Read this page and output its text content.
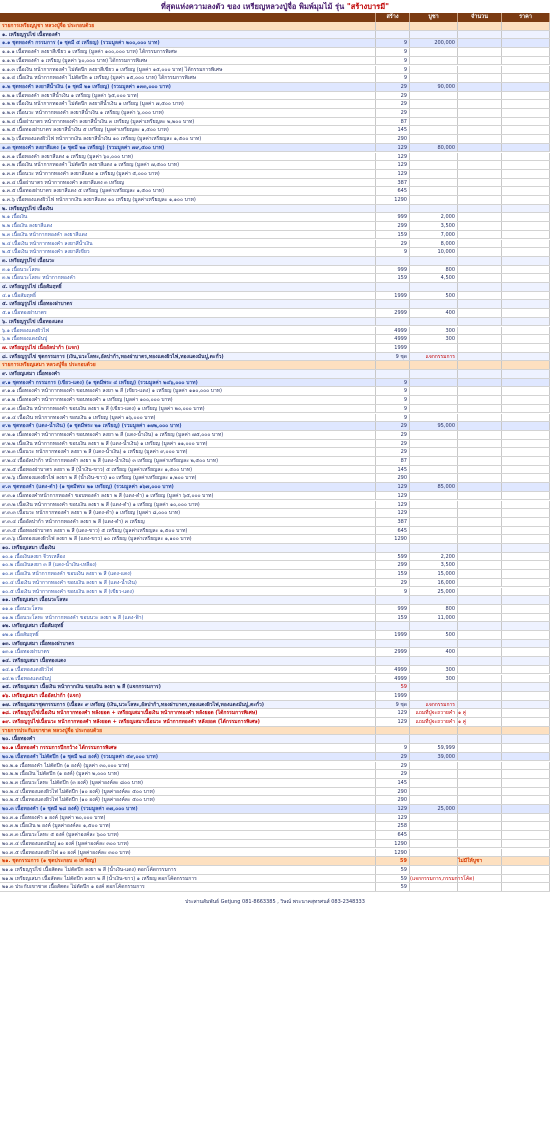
ที่สุดแห่งความลงตัว ของ เหรียญหลวงปู่จื่อ พิมพ์มุมไม้ รุ่น "สร้างบารมี"
สร้าง	บูชา	จำนวน	ราคา
รายการเหรียญบูชา หลวงปู่จื่อ ประกอบด้วย
๑. เหรียญรูปไข่ เนื้อทองคำ
๑.๑ ชุดทองคำ กรรมการ (๑ ชุดมี ๕ เหรียญ) (รวมมูลค่า ๒๐๐,๐๐๐ บาท)	9	200,000
๑.๑.๑ เนื้อทองคำ ลงยาสีเขียว ๑ เหรียญ (มูลค่า ๑๐๐,๐๐๐ บาท) ได้กรรมการพิเศษ	9
๑.๑.๒ เนื้อทองคำ ๑ เหรียญ (มูลค่า ๖๐,๐๐๐ บาท) ได้กรรมการพิเศษ	9
๑.๑.๓ เนื้อเงิน หน้ากากทองคำ ไม่ตัดปีก ลงยาสีเขียว ๑ เหรียญ (มูลค่า ๑๕,๐๐๐ บาท) ได้กรรมการพิเศษ	9
๑.๑.๔ เนื้อเงิน หน้ากากทองคำ ไม่ตัดปีก ๑ เหรียญ (มูลค่า ๑๕,๐๐๐ บาท) ได้กรรมการพิเศษ	9
๑.๒ ชุดทองคำ ลงยาสีน้ำเงิน (๑ ชุดมี ๒๑ เหรียญ) (รวมมูลค่า ๑๓๓,๐๐๐ บาท)	29	90,000
๑.๒.๑ เนื้อทองคำ ลงยาสีน้ำเงิน ๑ เหรียญ (มูลค่า ๖๕,๐๐๐ บาท)	29
๑.๒.๒ เนื้อเงิน หน้ากากทองคำ ไม่ตัดปีก ลงยาสีน้ำเงิน ๑ เหรียญ (มูลค่า ๗,๕๐๐ บาท)	29
๑.๒.๓ เนื้อนวะ หน้ากากทองคำ ลงยาสีน้ำเงิน ๑ เหรียญ (มูลค่า ๖,๐๐๐ บาท)	29
๑.๒.๔ เนื้อฝาบาตร หน้ากากทองคำ ลงยาสีน้ำเงิน ๓ เหรียญ (มูลค่าเหรียญละ ๒,๒๐๐ บาท)	87
๑.๒.๕ เนื้อทองฝาบาตร ลงยาสีน้ำเงิน ๕ เหรียญ (มูลค่าเหรียญละ ๑,๕๐๐ บาท)	145
๑.๒.๖ เนื้อทองแดงผิวไฟ หน้ากากเงิน ลงยาสีน้ำเงิน ๑๐ เหรียญ (มูลค่าเหรียญละ ๑,๕๐๐ บาท)	290
๑.๓ ชุดทองคำ ลงยาสีแดง (๑ ชุดมี ๒๑ เหรียญ) (รวมมูลค่า ๗๙,๕๐๐ บาท)	129	80,000
๑.๓.๑ เนื้อทองคำ ลงยาสีแดง ๑ เหรียญ (มูลค่า ๖๐,๐๐๐ บาท)	129
๑.๓.๒ เนื้อเงิน หน้ากากทองคำ ไม่ตัดปีก ลงยาสีแดง ๑ เหรียญ (มูลค่า ๗,๕๐๐ บาท)	129
๑.๓.๓ เนื้อนวะ หน้ากากทองคำ ลงยาสีแดง ๑ เหรียญ (มูลค่า ๕,๐๐๐ บาท)	129
๑.๓.๔ เนื้อฝาบาตร หน้ากากทองคำ ลงยาสีแดง ๓ เหรียญ	387
๑.๓.๕ เนื้อทองฝาบาตร ลงยาสีแดง ๕ เหรียญ (มูลค่าเหรียญละ ๑,๕๐๐ บาท)	645
๑.๓.๖ เนื้อทองแดงผิวไฟ หน้ากากเงิน ลงยาสีแดง ๑๐ เหรียญ (มูลค่าเหรียญละ ๑,๑๐๐ บาท)	1290
๒. เหรียญรูปไข่ เนื้อเงิน
๒.๑ เนื้อเงิน	999	2,000
๒.๒ เนื้อเงิน ลงยาสีแดง	299	3,500
๒.๓ เนื้อเงิน หน้ากากทองคำ ลงยาสีแดง	159	7,000
๒.๔ เนื้อเงิน หน้ากากทองคำ ลงยาสีน้ำเงิน	29	8,000
๒.๕ เนื้อเงิน หน้ากากทองคำ ลงยาสีเขียว	9	10,000
๓. เหรียญรูปไข่ เนื้อนวะ
๓.๑ เนื้อนวะโลหะ	999	800
๓.๒ เนื้อนวะโลหะ หน้ากากทองคำ	159	4,500
๔. เหรียญรูปไข่ เนื้อสัมฤทธิ์
๔.๑ เนื้อสัมฤทธิ์	1999	500
๕. เหรียญรูปไข่ เนื้อทองฝาบาตร
๕.๑ เนื้อทองฝาบาตร	2999	400
๖. เหรียญรูปไข่ เนื้อทองแดง
๖.๑ เนื้อทองแดงผิวไฟ	4999	300
๖.๒ เนื้อทองแดงมันปู	4999	300
๗. เหรียญรูปไข่ เนื้ออัลปาก้า (แจก)	1999
๘. เหรียญรูปไข่ ชุดกรรมการ (เงิน,นวะโลหะ,อัลปาก้า,ทองฝาบาตร,ทองแดงผิวไฟ,ทองแดงมันปู,ตะกั่ว)	9 ชุด	แจกกรรมการ
รายการเหรียญเสมา หลวงปู่จื่อ ประกอบด้วย
๙. เหรียญเสมา เนื้อทองคำ
๙.๑ ชุดทองคำ กรรมการ (เขียว-แดง) (๑ ชุดมีพระ ๔ เหรียญ) (รวมมูลค่า ๒๔๖,๐๐๐ บาท)	9
๙.๑.๑ เนื้อทองคำ หน้ากากทองคำ ขอบทองคำ ลงยา ๒ สี (เขียว-แดง) ๑ เหรียญ (มูลค่า ๑๑๐,๐๐๐ บาท)	9
๙.๑.๒ เนื้อทองคำ หน้ากากทองคำ ขอบทองคำ ๑ เหรียญ (มูลค่า ๑๐๐,๐๐๐ บาท)	9
๙.๑.๓ เนื้อเงิน หน้ากากทองคำ ขอบเงิน ลงยา ๒ สี (เขียว-แดง) ๑ เหรียญ (มูลค่า ๒๐,๐๐๐ บาท)	9
๙.๑.๔ เนื้อเงิน หน้ากากทองคำ ขอบเงิน ๑ เหรียญ (มูลค่า ๑๖,๐๐๐ บาท)	9
๙.๒ ชุดทองคำ (แดง-น้ำเงิน) (๑ ชุดมีพระ ๒๑ เหรียญ) (รวมมูลค่า ๑๗๒,๐๐๐ บาท)	29	95,000
๙.๒.๑ เนื้อทองคำ หน้ากากทองคำ ขอบทองคำ ลงยา ๒ สี (แดง-น้ำเงิน) ๑ เหรียญ (มูลค่า ๗๕,๐๐๐ บาท)	29
๙.๒.๒ เนื้อเงิน หน้ากากทองคำ ขอบเงิน ลงยา ๒ สี (แดง-น้ำเงิน) ๑ เหรียญ (มูลค่า ๑๑,๐๐๐ บาท)	29
๙.๒.๓ เนื้อนวะ หน้ากากทองคำ ลงยา ๒ สี (แดง-น้ำเงิน) ๑ เหรียญ (มูลค่า ๙,๐๐๐ บาท)	29
๙.๒.๔ เนื้ออัลปาก้า หน้ากากทองคำ ลงยา ๒ สี (แดง-น้ำเงิน) ๓ เหรียญ (มูลค่าเหรียญละ ๒,๕๐๐ บาท)	87
๙.๒.๕ เนื้อทองฝาบาตร ลงยา ๒ สี (น้ำเงิน-ขาว) ๕ เหรียญ (มูลค่าเหรียญละ ๑,๕๐๐ บาท)	145
๙.๒.๖ เนื้อทองแดงผิวไฟ ลงยา ๒ สี (น้ำเงิน-ขาว) ๑๐ เหรียญ (มูลค่าเหรียญละ ๑,๒๐๐ บาท)	290
๙.๓ ชุดทองคำ (แดง-ดำ) (๑ ชุดมีพระ ๒๑ เหรียญ) (รวมมูลค่า ๑๖๗,๐๐๐ บาท)	129	85,000
๙.๓.๑ เนื้อทองคำหน้ากากทองคำ ขอบทองคำ ลงยา ๒ สี (แดง-ดำ) ๑ เหรียญ (มูลค่า ๖๕,๐๐๐ บาท)	129
๙.๓.๒ เนื้อเงิน หน้ากากทองคำ ขอบเงิน ลงยา ๒ สี (แดง-ดำ) ๑ เหรียญ (มูลค่า ๑๐,๐๐๐ บาท)	129
๙.๓.๓ เนื้อนวะ หน้ากากทองคำ ลงยา ๒ สี (แดง-ดำ) ๑ เหรียญ (มูลค่า ๘,๐๐๐ บาท)	129
๙.๓.๔ เนื้ออัลปาก้า หน้ากากทองคำ ลงยา ๒ สี (แดง-ดำ) ๓ เหรียญ	387
๙.๓.๕ เนื้อทองฝาบาตร ลงยา ๒ สี (แดง-ขาว) ๕ เหรียญ (มูลค่าเหรียญละ ๑,๕๐๐ บาท)	645
๙.๓.๖ เนื้อทองแดงผิวไฟ ลงยา ๒ สี (แดง-ขาว) ๑๐ เหรียญ (มูลค่าเหรียญละ ๑,๑๐๐ บาท)	1290
๑๐. เหรียญเสมา เนื้อเงิน
๑๐.๑ เนื้อเงินลงยา จีวรเหลือง	599	2,200
๑๐.๒ เนื้อเงินลงยา ๓ สี (แดง-น้ำเงิน-เหลือง)	299	3,500
๑๐.๓ เนื้อเงิน หน้ากากทองคำ ขอบเงิน ลงยา ๒ สี (แดง-แดง)	159	15,000
๑๐.๔ เนื้อเงิน หน้ากากทองคำ ขอบเงิน ลงยา ๒ สี (แดง-น้ำเงิน)	29	16,000
๑๐.๕ เนื้อเงิน หน้ากากทองคำ ขอบเงิน ลงยา ๒ สี (เขียว-แดง)	9	25,000
๑๑. เหรียญเสมา เนื้อนวะโลหะ
๑๑.๑ เนื้อนวะโลหะ	999	800
๑๑.๒ เนื้อนวะโลหะ หน้ากากทองคำ ขอบนวะ ลงยา ๒ สี (แดง-ฟ้า)	159	11,000
๑๒. เหรียญเสมา เนื้อสัมฤทธิ์
๑๒.๑ เนื้อสัมฤทธิ์	1999	500
๑๓. เหรียญเสมา เนื้อทองฝาบาตร
๑๓.๑ เนื้อทองฝาบาตร	2999	400
๑๔. เหรียญเสมา เนื้อทองแดง
๑๔.๑ เนื้อทองแดงผิวไฟ	4999	300
๑๔.๒ เนื้อทองแดงมันปู	4999	300
๑๕. เหรียญเสมา เนื้อเงิน หน้ากากเงิน ขอบเงิน ลงยา ๒ สี (แจกกรรมการ)	59
๑๖. เหรียญเสมา เนื้ออัลปาก้า (แจก)	1999
๑๗. เหรียญเสมาชุดกรรมการ (เนื้อละ ๙ เหรียญ (เงิน,นวะโลหะ,อัลปาก้า,ทองฝาบาตร,ทองแดงผิวไฟ,ทองแดงมันปู,ตะกั่ว)	9 ชุด	แจกกรรมการ
๑๘. เหรียญรูปไข่เนื้อเงิน หน้ากากทองคำ หลังยอด + เหรียญเสมาเนื้อเงิน หน้ากากทองคำ หลังยอด (ได้กรรมการพิเศษ)	129	แถมที่ปู่จะถวายคำ ๑ คู่
๑๙. เหรียญรูปไข่เนื้อนวะ หน้ากากทองคำ หลังยอด + เหรียญเสมาเนื้อนวะ หน้ากากทองคำ หลังยอด (ได้กรรมการพิเศษ)	129	แถมที่ปู่จะถวายคำ ๑ คู่
รายการประกับเขาชาด หลวงปู่จื่อ ประกอบด้วย
๒๐. เนื้อทองคำ
๒๐.๑ เนื้อทองคำ กรรมการปีกกว้าง ได้กรรมการพิเศษ	9	59,999
๒๐.๒ เนื้อทองคำ ไม่ตัดปีก (๑ ชุดมี ๒๘ องค์) (รวมมูลค่า ๕๙,๐๐๐ บาท)	29	39,000
๒๐.๒.๑ เนื้อทองคำ ไม่ตัดปีก (๑ องค์) (มูลค่า ๓๐,๐๐๐ บาท)	29
๒๐.๒.๒ เนื้อเงิน ไม่ตัดปีก (๑ องค์) (มูลค่า ๒,๐๐๐ บาท)	29
๒๐.๒.๓ เนื้อนวะโลหะ ไม่ตัดปีก (๓ องค์) (มูลค่าองค์ละ ๘๐๐ บาท)	145
๒๐.๒.๔ เนื้อทองแดงผิวไฟ ไม่ตัดปีก (๑๐ องค์) (มูลค่าองค์ละ ๕๐๐ บาท)	290
๒๐.๒.๕ เนื้อทองแดงผิวไฟ ไม่ตัดปีก (๑๐ องค์) (มูลค่าองค์ละ ๕๐๐ บาท)	290
๒๐.๓ เนื้อทองคำ (๑ ชุดมี ๒๘ องค์) (รวมมูลค่า ๓๗,๐๐๐ บาท)	129	25,000
๒๐.๓.๑ เนื้อทองคำ ๑ องค์ (มูลค่า ๒๐,๐๐๐ บาท)	129
๒๐.๓.๒ เนื้อเงิน ๒ องค์ (มูลค่าองค์ละ ๑,๕๐๐ บาท)	258
๒๐.๓.๓ เนื้อนวะโลหะ ๕ องค์ (มูลค่าองค์ละ ๖๐๐ บาท)	645
๒๐.๓.๔ เนื้อทองแดงมันปู ๑๐ องค์ (มูลค่าองค์ละ ๓๐๐ บาท)	1290
๒๐.๓.๕ เนื้อทองแดงผิวไฟ ๑๐ องค์ (มูลค่าองค์ละ ๓๐๐ บาท)	1290
๒๑. ชุดกรรมการ (๑ ชุดประกอบ ๓ เหรียญ)	59	ไม่มีให้บูชา
๒๑.๑ เหรียญรูปไข่ เนื้อสัตตะ ไม่ตัดปีก ลงยา ๒ สี (น้ำเงิน-แดง) ตอกโค้ดกรรมการ	59
๒๑.๒ เหรียญเสมา เนื้อสัตตะ ไม่ตัดปีก ลงยา ๒ สี (น้ำเงิน-ขาว) ๑ เหรียญ ตอกโค้ดกรรมการ	59 (แจกกรรมการ,กรรมการโค้ด)
๒๑.๓ ประกับเขาชาด เนื้อสัตตะ ไม่ตัดปีก ๑ องค์ ตอกโค้ดกรรมการ	59
ประสานสัมพันธ์ Getjung 081-8663385 , วิษณ์ พระนาคสุทรศนส์ 083-2348333
